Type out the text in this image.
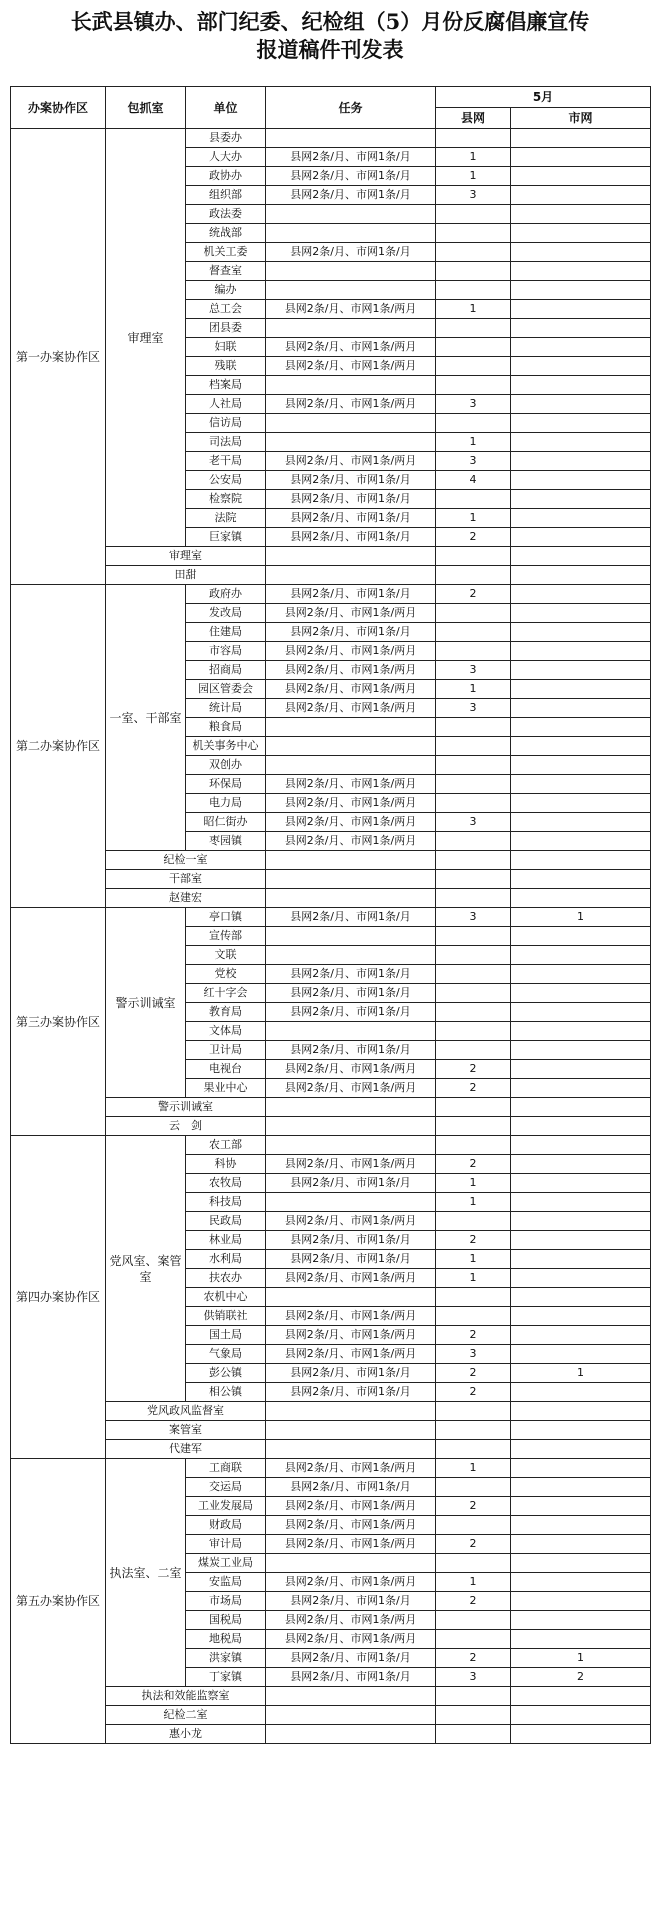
长武县镇办、部门纪委、纪检组（5）月份反腐倡廉宣传
报道稿件刊发表
办案协作区	包抓室	单位	任务	5月	
				县网	市网
第一办案协作区	审理室	县委办			
		人大办	县网2条/月、市网1条/月	1	
		政协办	县网2条/月、市网1条/月	1	
		组织部	县网2条/月、市网1条/月	3	
		政法委			
		统战部			
		机关工委	县网2条/月、市网1条/月		
		督查室			
		编办			
		总工会	县网2条/月、市网1条/两月	1	
		团县委			
		妇联	县网2条/月、市网1条/两月		
		残联	县网2条/月、市网1条/两月		
		档案局			
		人社局	县网2条/月、市网1条/两月	3	
		信访局			
		司法局		1	
		老干局	县网2条/月、市网1条/两月	3	
		公安局	县网2条/月、市网1条/月	4	
		检察院	县网2条/月、市网1条/月		
		法院	县网2条/月、市网1条/月	1	
		巨家镇	县网2条/月、市网1条/月	2	
	审理室				
	田甜				
第二办案协作区	一室、干部室	政府办	县网2条/月、市网1条/月	2	
		发改局	县网2条/月、市网1条/两月		
		住建局	县网2条/月、市网1条/月		
		市容局	县网2条/月、市网1条/两月		
		招商局	县网2条/月、市网1条/两月	3	
		园区管委会	县网2条/月、市网1条/两月	1	
		统计局	县网2条/月、市网1条/两月	3	
		粮食局			
		机关事务中心			
		双创办			
		环保局	县网2条/月、市网1条/两月		
		电力局	县网2条/月、市网1条/两月		
		昭仁街办	县网2条/月、市网1条/两月	3	
		枣园镇	县网2条/月、市网1条/两月		
	纪检一室				
	干部室				
	赵建宏				
第三办案协作区	警示训诫室	亭口镇	县网2条/月、市网1条/月	3	1
		宣传部			
		文联			
		党校	县网2条/月、市网1条/月		
		红十字会	县网2条/月、市网1条/月		
		教育局	县网2条/月、市网1条/月		
		文体局			
		卫计局	县网2条/月、市网1条/月		
		电视台	县网2条/月、市网1条/两月	2	
		果业中心	县网2条/月、市网1条/两月	2	
	警示训诫室				
	云　剑				
第四办案协作区	党风室、案管室	农工部			
		科协	县网2条/月、市网1条/两月	2	
		农牧局	县网2条/月、市网1条/月	1	
		科技局		1	
		民政局	县网2条/月、市网1条/两月		
		林业局	县网2条/月、市网1条/月	2	
		水利局	县网2条/月、市网1条/月	1	
		扶农办	县网2条/月、市网1条/两月	1	
		农机中心			
		供销联社	县网2条/月、市网1条/两月		
		国土局	县网2条/月、市网1条/两月	2	
		气象局	县网2条/月、市网1条/两月	3	
		彭公镇	县网2条/月、市网1条/月	2	1
		相公镇	县网2条/月、市网1条/月	2	
	党风政风监督室				
	案管室				
	代建军				
第五办案协作区	执法室、二室	工商联	县网2条/月、市网1条/两月	1	
		交运局	县网2条/月、市网1条/月		
		工业发展局	县网2条/月、市网1条/两月	2	
		财政局	县网2条/月、市网1条/两月		
		审计局	县网2条/月、市网1条/两月	2	
		煤炭工业局			
		安监局	县网2条/月、市网1条/两月	1	
		市场局	县网2条/月、市网1条/月	2	
		国税局	县网2条/月、市网1条/两月		
		地税局	县网2条/月、市网1条/两月		
		洪家镇	县网2条/月、市网1条/月	2	1
		丁家镇	县网2条/月、市网1条/月	3	2
	执法和效能监察室				
	纪检二室				
	惠小龙				
